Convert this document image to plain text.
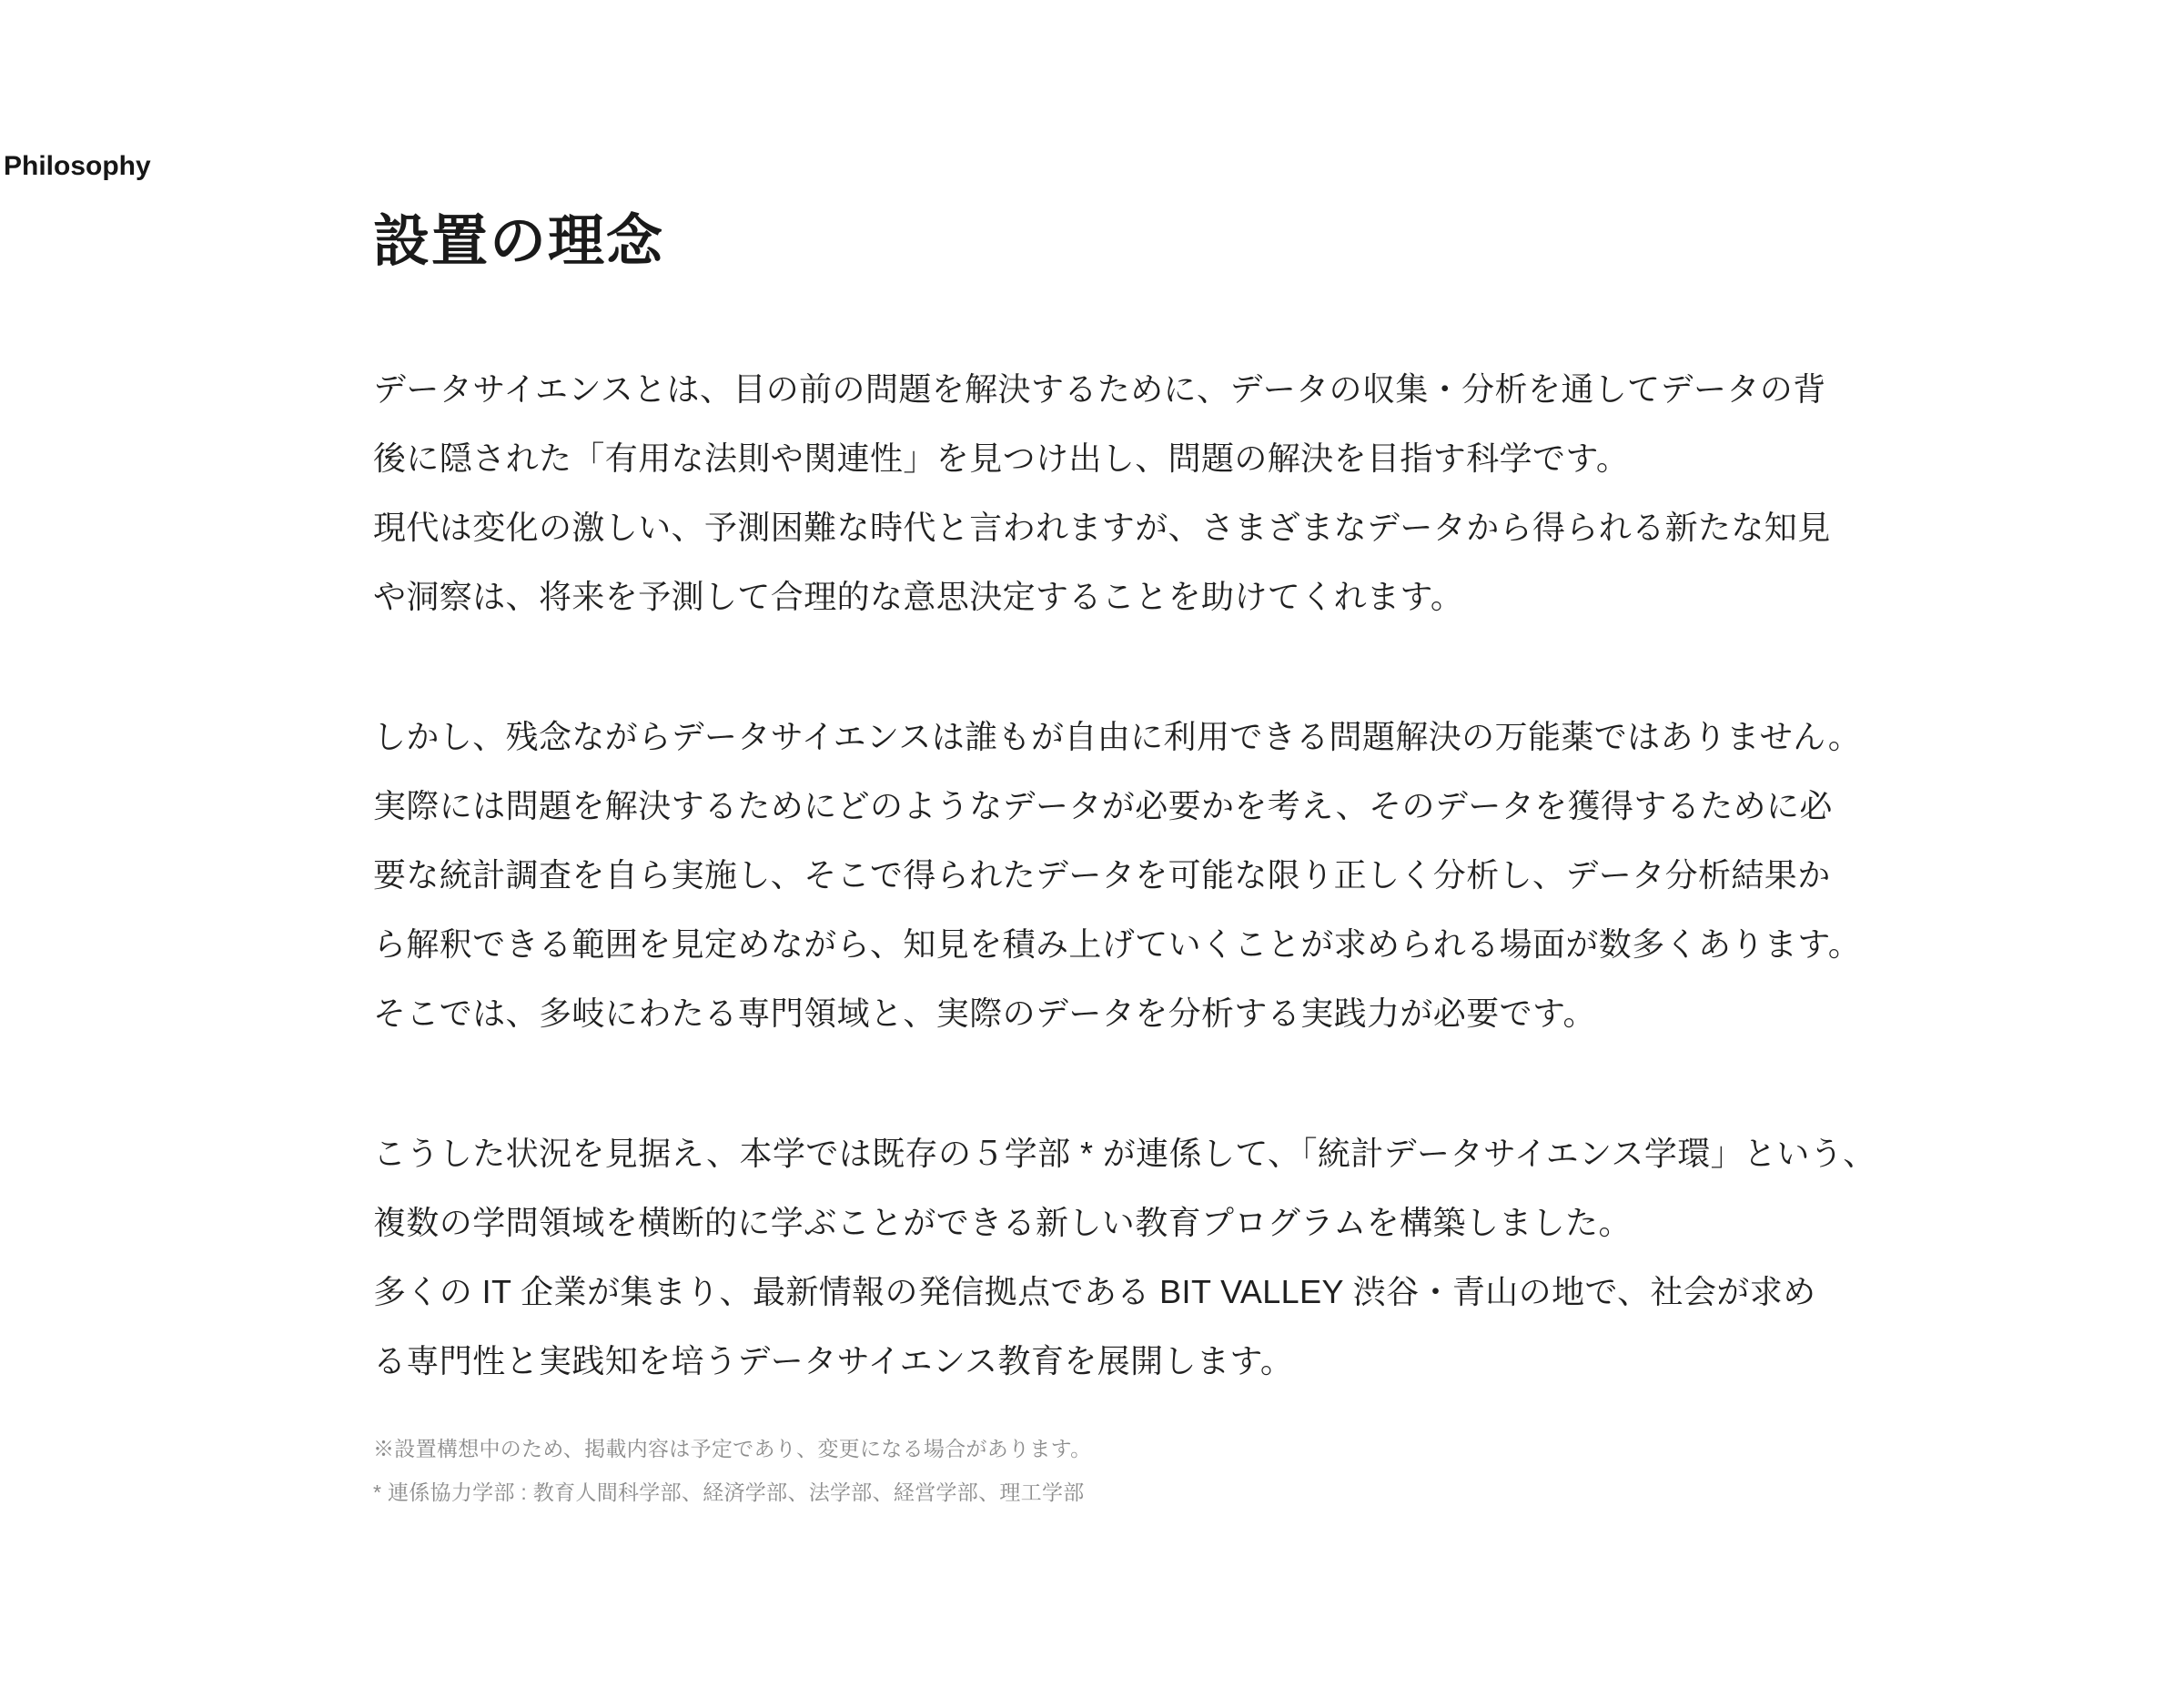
Philosophy
設置の理念
データサイエンスとは、目の前の問題を解決するために、データの収集・分析を通してデータの背
後に隠された「有用な法則や関連性」を見つけ出し、問題の解決を目指す科学です。
現代は変化の激しい、予測困難な時代と言われますが、さまざまなデータから得られる新たな知見
や洞察は、将来を予測して合理的な意思決定することを助けてくれます。
しかし、残念ながらデータサイエンスは誰もが自由に利用できる問題解決の万能薬ではありません。
実際には問題を解決するためにどのようなデータが必要かを考え、そのデータを獲得するために必
要な統計調査を自ら実施し、そこで得られたデータを可能な限り正しく分析し、データ分析結果か
ら解釈できる範囲を見定めながら、知見を積み上げていくことが求められる場面が数多くあります。
そこでは、多岐にわたる専門領域と、実際のデータを分析する実践力が必要です。
こうした状況を見据え、本学では既存の５学部 * が連係して、「統計データサイエンス学環」という、
複数の学問領域を横断的に学ぶことができる新しい教育プログラムを構築しました。
多くの IT 企業が集まり、最新情報の発信拠点である BIT VALLEY 渋谷・青山の地で、社会が求め
る専門性と実践知を培うデータサイエンス教育を展開します。
※設置構想中のため、掲載内容は予定であり、変更になる場合があります。
* 連係協力学部 : 教育人間科学部、経済学部、法学部、経営学部、理工学部
